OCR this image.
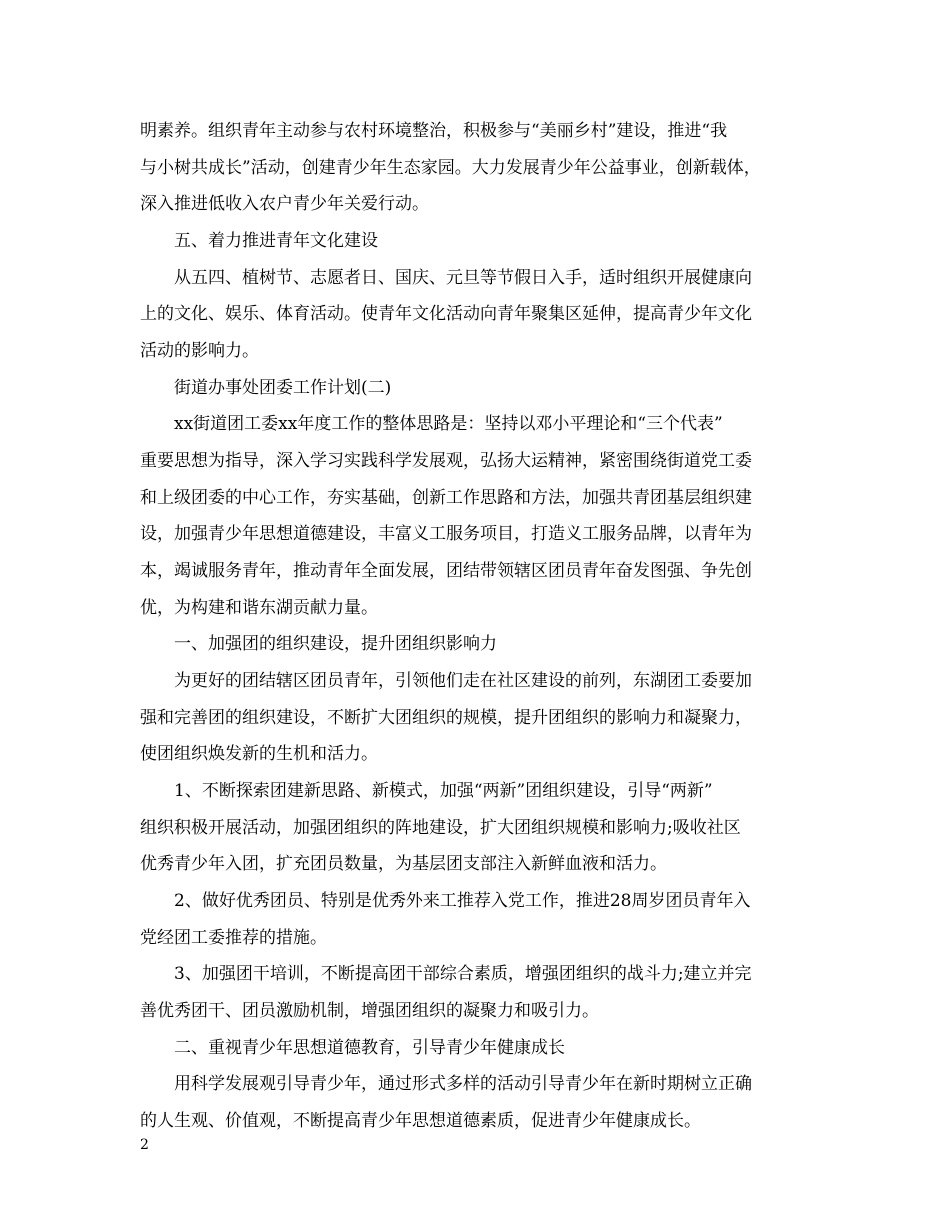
明素养。组织青年主动参与农村环境整治，积极参与“美丽乡村”建设，推进“我
与小树共成长”活动，创建青少年生态家园。大力发展青少年公益事业，创新载体，
深入推进低收入农户青少年关爱行动。
五、着力推进青年文化建设
从五四、植树节、志愿者日、国庆、元旦等节假日入手，适时组织开展健康向
上的文化、娱乐、体育活动。使青年文化活动向青年聚集区延伸，提高青少年文化
活动的影响力。
街道办事处团委工作计划(二)
xx街道团工委xx年度工作的整体思路是：坚持以邓小平理论和“三个代表”
重要思想为指导，深入学习实践科学发展观，弘扬大运精神，紧密围绕街道党工委
和上级团委的中心工作，夯实基础，创新工作思路和方法，加强共青团基层组织建
设，加强青少年思想道德建设，丰富义工服务项目，打造义工服务品牌，以青年为
本，竭诚服务青年，推动青年全面发展，团结带领辖区团员青年奋发图强、争先创
优，为构建和谐东湖贡献力量。
一、加强团的组织建设，提升团组织影响力
为更好的团结辖区团员青年，引领他们走在社区建设的前列，东湖团工委要加
强和完善团的组织建设，不断扩大团组织的规模，提升团组织的影响力和凝聚力，
使团组织焕发新的生机和活力。
1、不断探索团建新思路、新模式，加强“两新”团组织建设，引导“两新”
组织积极开展活动，加强团组织的阵地建设，扩大团组织规模和影响力;吸收社区
优秀青少年入团，扩充团员数量，为基层团支部注入新鲜血液和活力。
2、做好优秀团员、特别是优秀外来工推荐入党工作，推进28周岁团员青年入
党经团工委推荐的措施。
3、加强团干培训，不断提高团干部综合素质，增强团组织的战斗力;建立并完
善优秀团干、团员激励机制，增强团组织的凝聚力和吸引力。
二、重视青少年思想道德教育，引导青少年健康成长
用科学发展观引导青少年，通过形式多样的活动引导青少年在新时期树立正确
的人生观、价值观，不断提高青少年思想道德素质，促进青少年健康成长。
2
